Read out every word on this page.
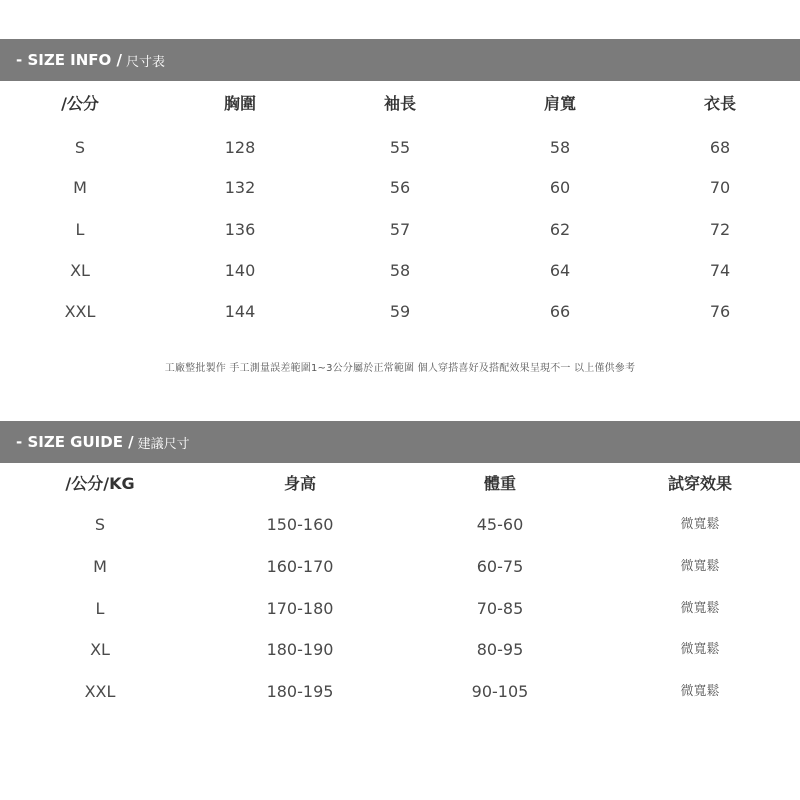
- SIZE INFO / 尺寸表
/公分	胸圍	袖長	肩寬	衣長
S	128	55	58	68
M	132	56	60	70
L	136	57	62	72
XL	140	58	64	74
XXL	144	59	66	76
工廠整批製作 手工測量誤差範圍1~3公分屬於正常範圍 個人穿搭喜好及搭配效果呈現不一 以上僅供參考
- SIZE GUIDE / 建議尺寸
/公分/KG	身高	體重	試穿效果
S	150-160	45-60	微寬鬆
M	160-170	60-75	微寬鬆
L	170-180	70-85	微寬鬆
XL	180-190	80-95	微寬鬆
XXL	180-195	90-105	微寬鬆
